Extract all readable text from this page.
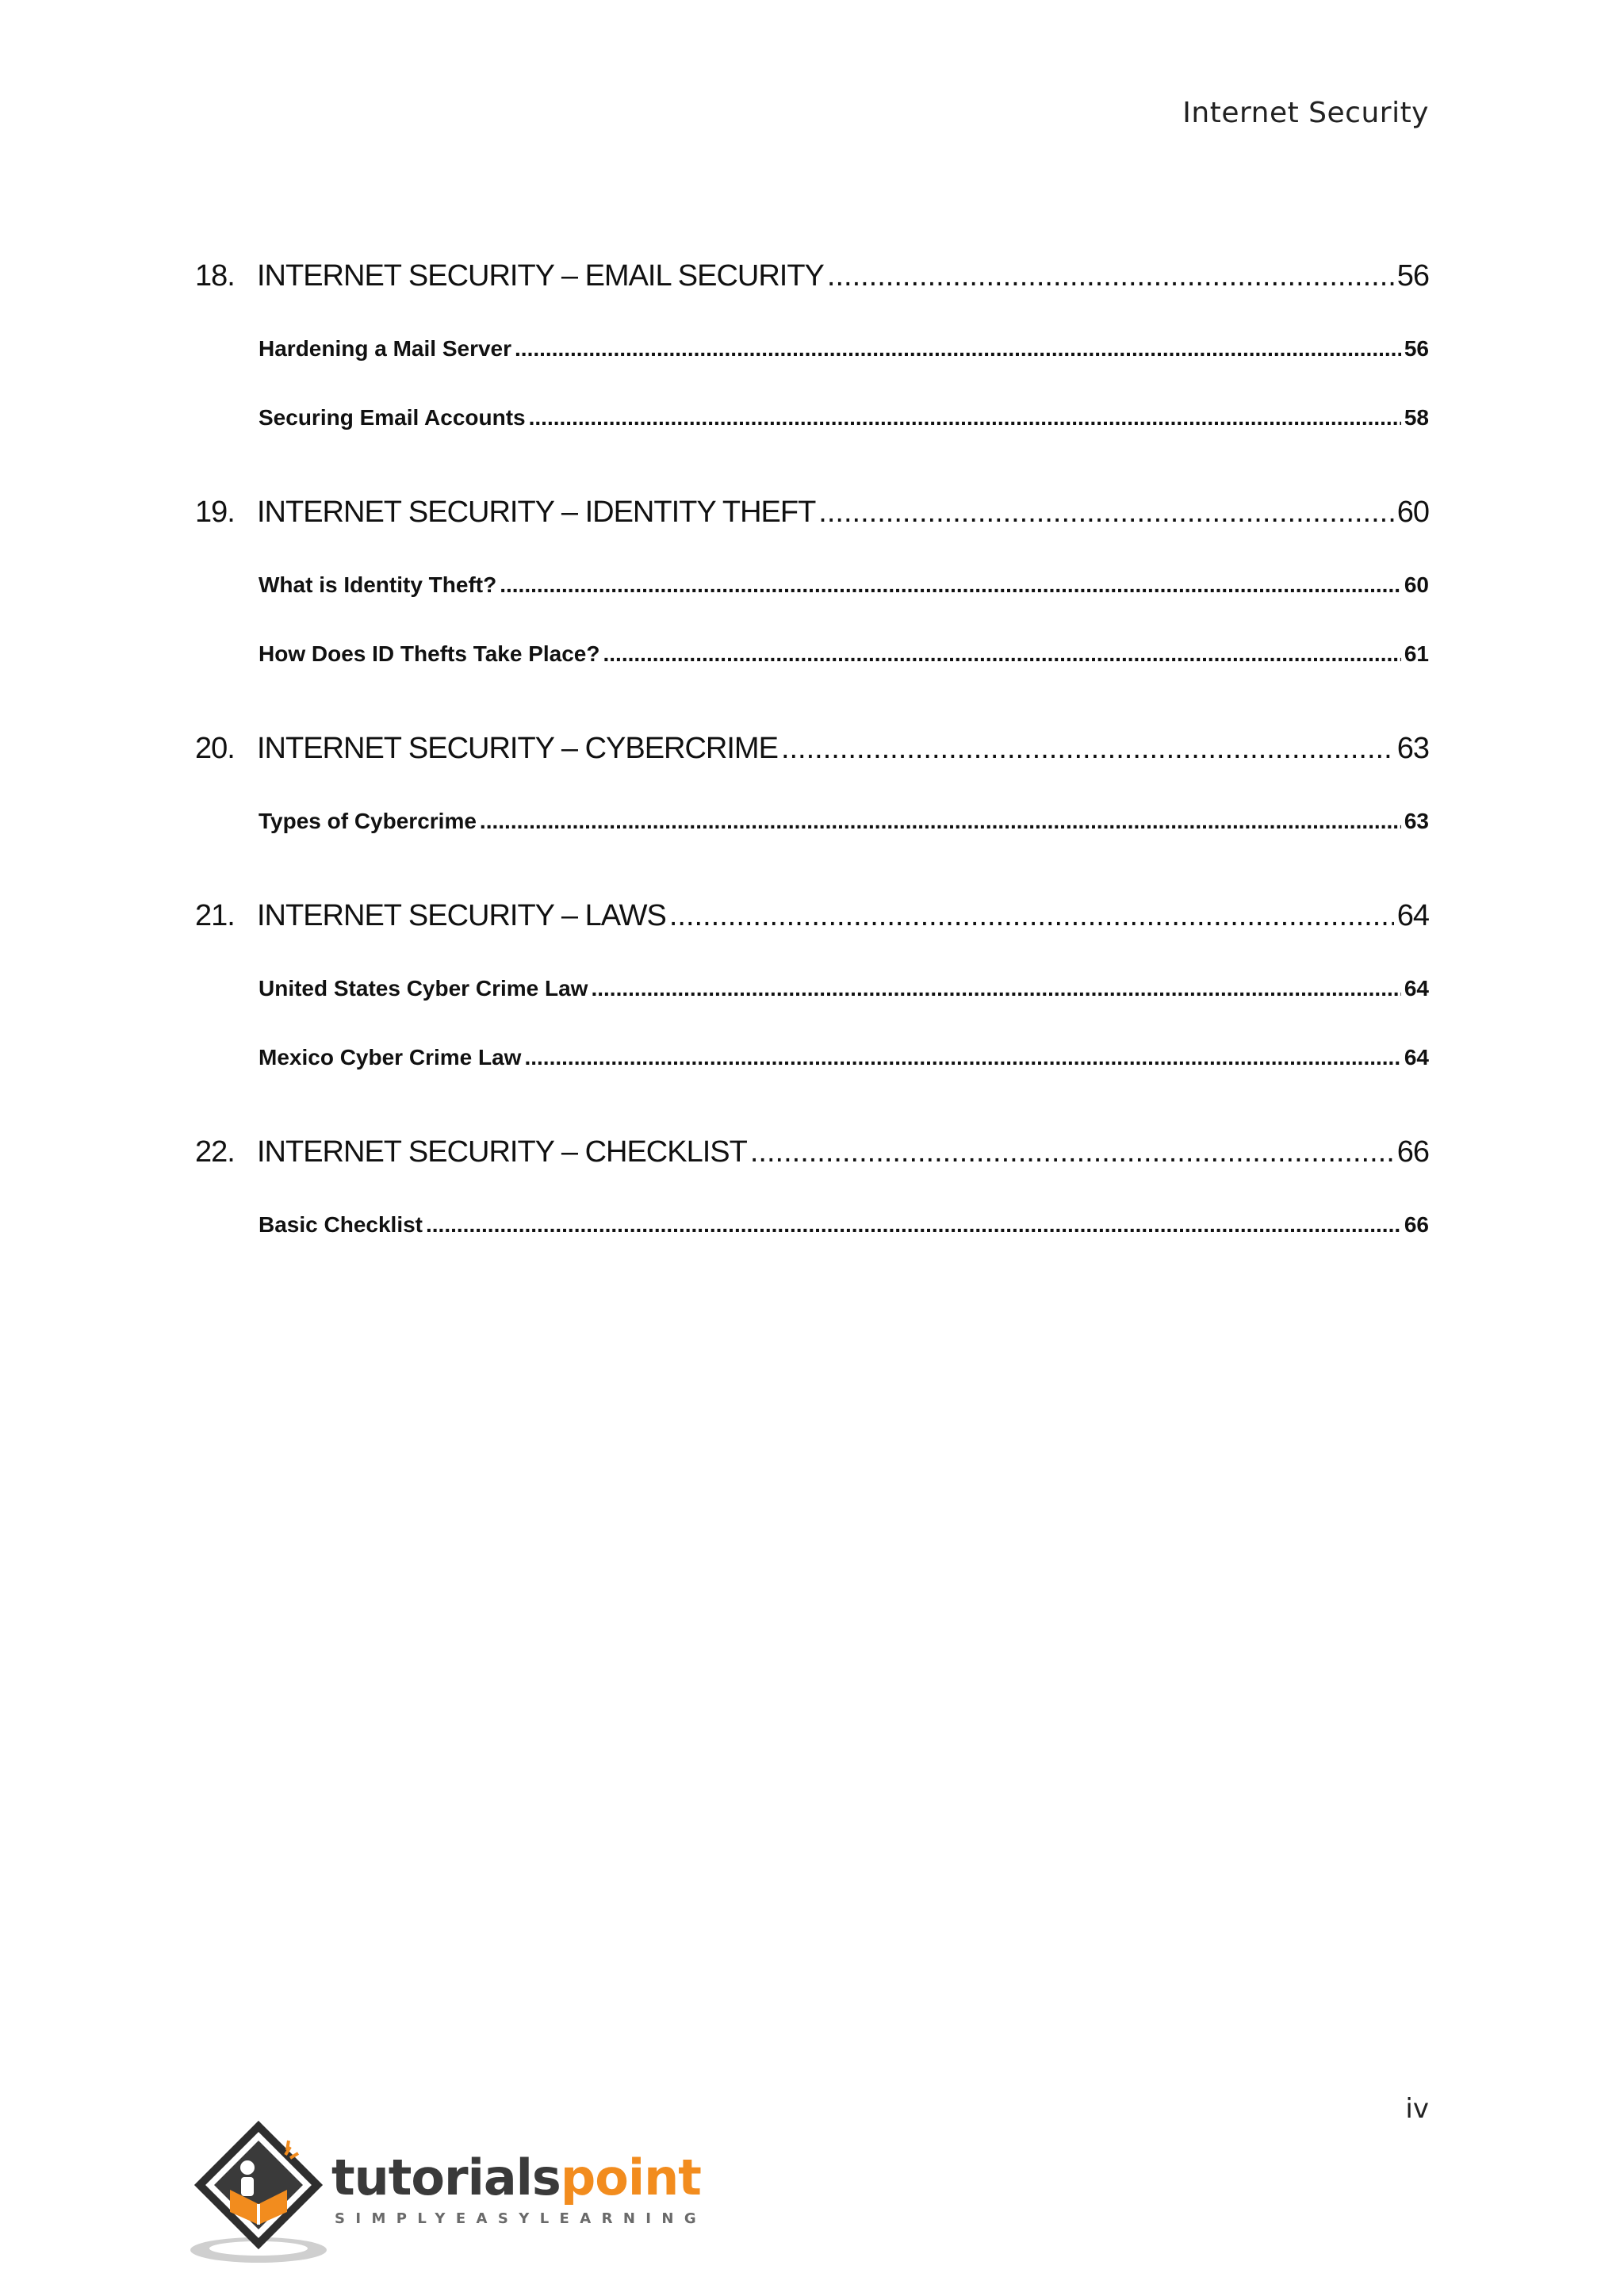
Internet Security
18. INTERNET SECURITY – EMAIL SECURITY .....	56
Hardening a Mail Server .....	56
Securing Email Accounts .....	58
19. INTERNET SECURITY – IDENTITY THEFT .....	60
What is Identity Theft? .....	60
How Does ID Thefts Take Place? .....	61
20. INTERNET SECURITY – CYBERCRIME .....	63
Types of Cybercrime .....	63
21. INTERNET SECURITY – LAWS .....	64
United States Cyber Crime Law .....	64
Mexico Cyber Crime Law .....	64
22. INTERNET SECURITY – CHECKLIST .....	66
Basic Checklist .....	66
iv
tutorialspoint
SIMPLYEASYLEARNING
